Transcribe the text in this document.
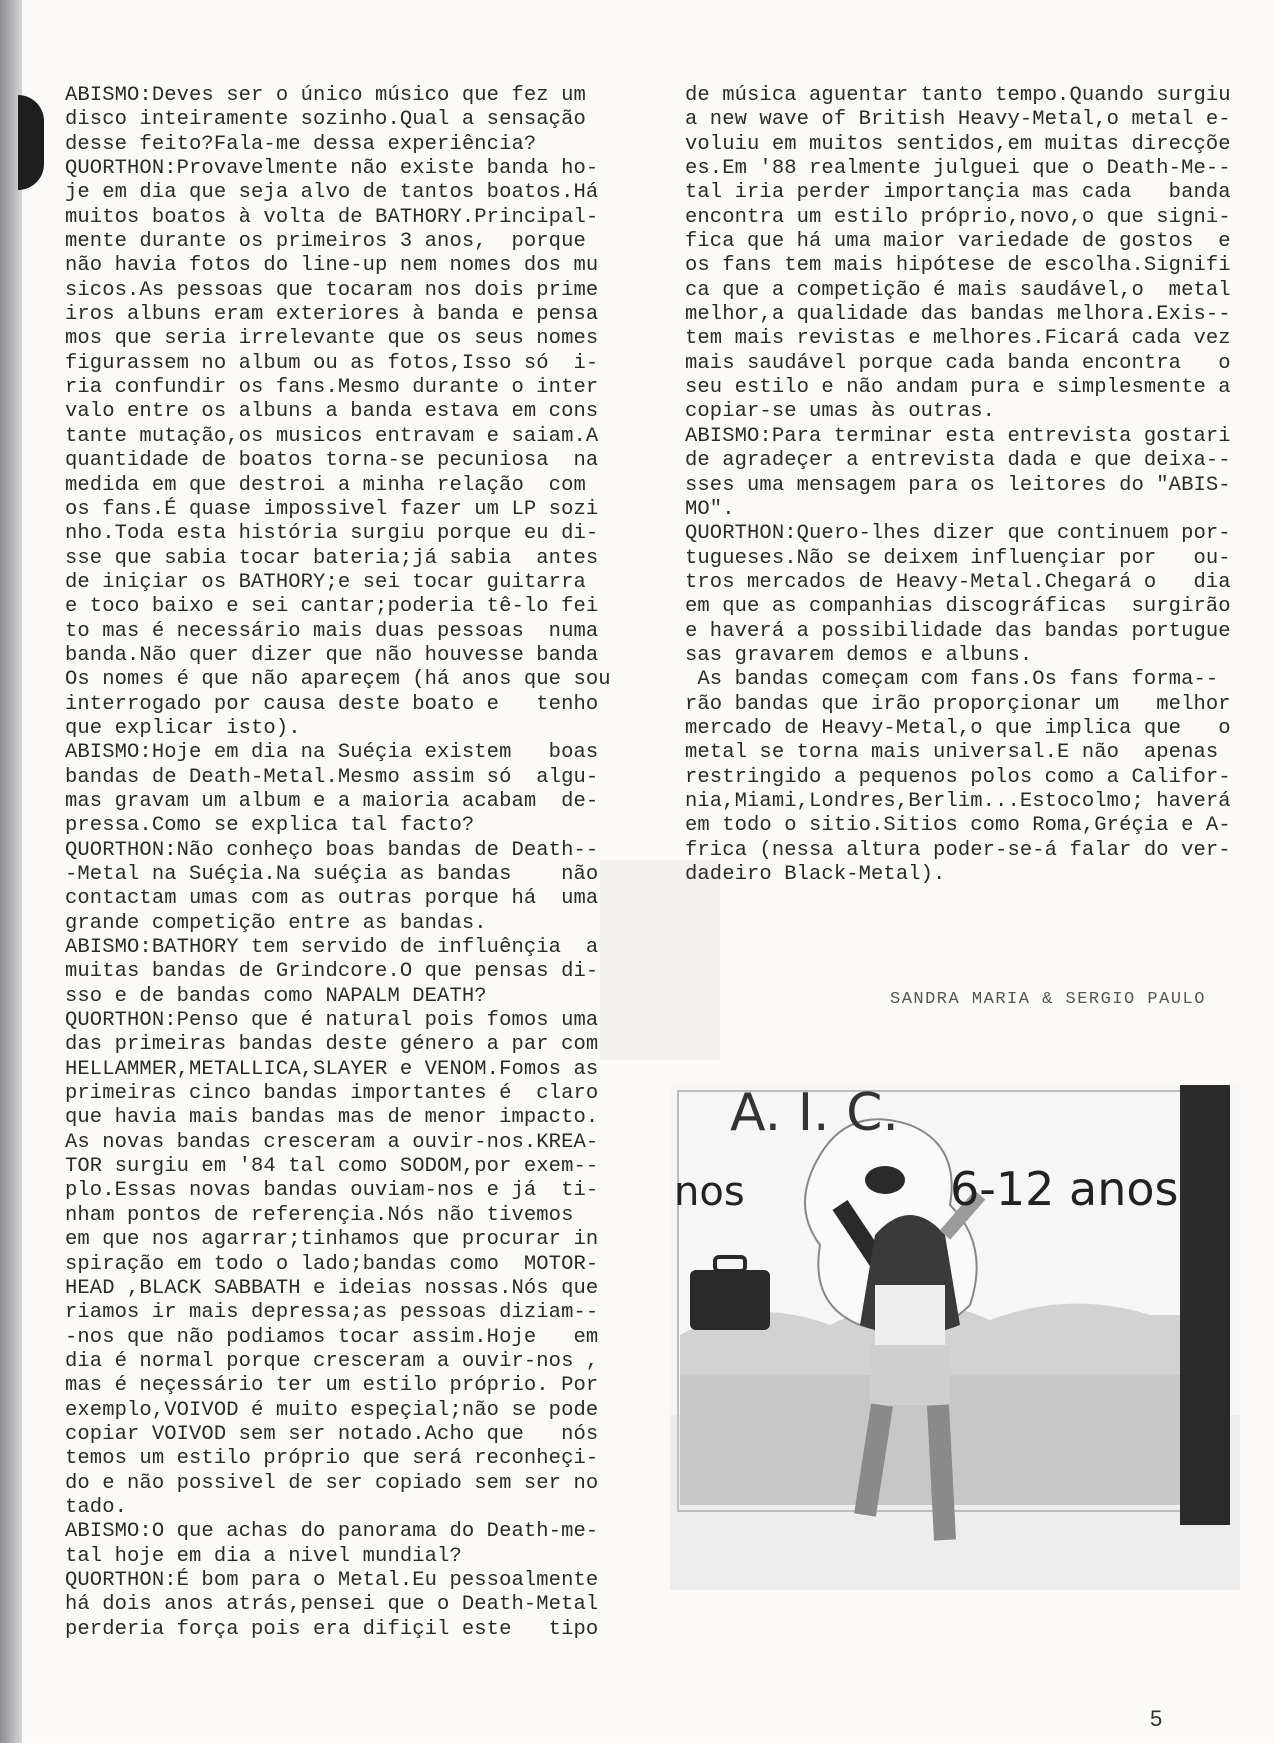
ABISMO:Deves ser o único músico que fez um
disco inteiramente sozinho.Qual a sensação
desse feito?Fala-me dessa experiência?
QUORTHON:Provavelmente não existe banda ho-
je em dia que seja alvo de tantos boatos.Há
muitos boatos à volta de BATHORY.Principal-
mente durante os primeiros 3 anos,  porque
não havia fotos do line-up nem nomes dos mu
sicos.As pessoas que tocaram nos dois prime
iros albuns eram exteriores à banda e pensa
mos que seria irrelevante que os seus nomes
figurassem no album ou as fotos,Isso só  i-
ria confundir os fans.Mesmo durante o inter
valo entre os albuns a banda estava em cons
tante mutação,os musicos entravam e saiam.A
quantidade de boatos torna-se pecuniosa  na
medida em que destroi a minha relação  com
os fans.É quase impossivel fazer um LP sozi
nho.Toda esta história surgiu porque eu di-
sse que sabia tocar bateria;já sabia  antes
de iniçiar os BATHORY;e sei tocar guitarra
e toco baixo e sei cantar;poderia tê-lo fei
to mas é necessário mais duas pessoas  numa
banda.Não quer dizer que não houvesse banda
Os nomes é que não apareçem (há anos que sou
interrogado por causa deste boato e   tenho
que explicar isto).
ABISMO:Hoje em dia na Suéçia existem   boas
bandas de Death-Metal.Mesmo assim só  algu-
mas gravam um album e a maioria acabam  de-
pressa.Como se explica tal facto?
QUORTHON:Não conheço boas bandas de Death--
-Metal na Suéçia.Na suéçia as bandas    não
contactam umas com as outras porque há  uma
grande competição entre as bandas.
ABISMO:BATHORY tem servido de influênçia  a
muitas bandas de Grindcore.O que pensas di-
sso e de bandas como NAPALM DEATH?
QUORTHON:Penso que é natural pois fomos uma
das primeiras bandas deste género a par com
HELLAMMER,METALLICA,SLAYER e VENOM.Fomos as
primeiras cinco bandas importantes é  claro
que havia mais bandas mas de menor impacto.
As novas bandas cresceram a ouvir-nos.KREA-
TOR surgiu em '84 tal como SODOM,por exem--
plo.Essas novas bandas ouviam-nos e já  ti-
nham pontos de referençia.Nós não tivemos
em que nos agarrar;tinhamos que procurar in
spiração em todo o lado;bandas como  MOTOR-
HEAD ,BLACK SABBATH e ideias nossas.Nós que
riamos ir mais depressa;as pessoas diziam--
-nos que não podiamos tocar assim.Hoje   em
dia é normal porque cresceram a ouvir-nos ,
mas é neçessário ter um estilo próprio. Por
exemplo,VOIVOD é muito espeçial;não se pode
copiar VOIVOD sem ser notado.Acho que   nós
temos um estilo próprio que será reconheçi-
do e não possivel de ser copiado sem ser no
tado.
ABISMO:O que achas do panorama do Death-me-
tal hoje em dia a nivel mundial?
QUORTHON:É bom para o Metal.Eu pessoalmente
há dois anos atrás,pensei que o Death-Metal
perderia força pois era difiçil este   tipo
de música aguentar tanto tempo.Quando surgiu
a new wave of British Heavy-Metal,o metal e-
voluiu em muitos sentidos,em muitas direcçõe
es.Em '88 realmente julguei que o Death-Me--
tal iria perder importançia mas cada   banda
encontra um estilo próprio,novo,o que signi-
fica que há uma maior variedade de gostos  e
os fans tem mais hipótese de escolha.Signifi
ca que a competição é mais saudável,o  metal
melhor,a qualidade das bandas melhora.Exis--
tem mais revistas e melhores.Ficará cada vez
mais saudável porque cada banda encontra   o
seu estilo e não andam pura e simplesmente a
copiar-se umas às outras.
ABISMO:Para terminar esta entrevista gostari
de agradeçer a entrevista dada e que deixa--
sses uma mensagem para os leitores do "ABIS-
MO".
QUORTHON:Quero-lhes dizer que continuem por-
tugueses.Não se deixem influençiar por   ou-
tros mercados de Heavy-Metal.Chegará o   dia
em que as companhias discográficas  surgirão
e haverá a possibilidade das bandas portugue
sas gravarem demos e albuns.
As bandas começam com fans.Os fans forma--
rão bandas que irão proporçionar um   melhor
mercado de Heavy-Metal,o que implica que   o
metal se torna mais universal.E não  apenas
restringido a pequenos polos como a Califor-
nia,Miami,Londres,Berlim...Estocolmo; haverá
em todo o sitio.Sitios como Roma,Gréçia e A-
frica (nessa altura poder-se-á falar do ver-
dadeiro Black-Metal).
SANDRA MARIA & SERGIO PAULO
A. I. C.
nos	6-12 anos
5
